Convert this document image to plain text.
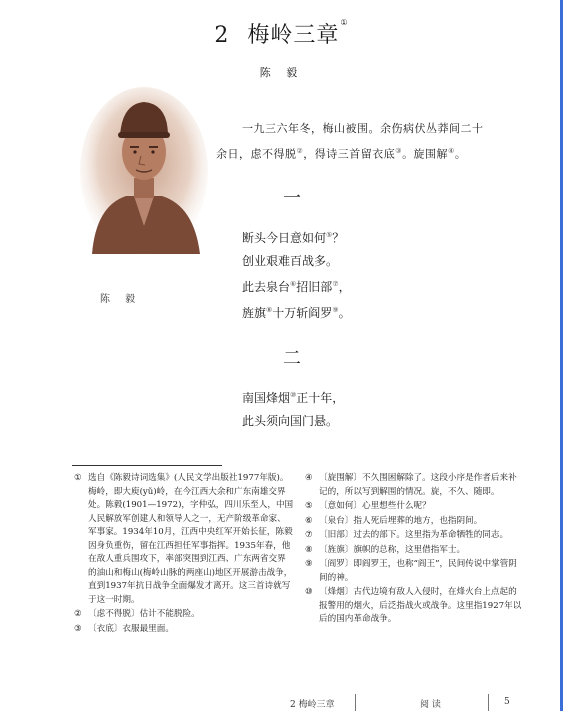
2 梅岭三章①
陈 毅
陈 毅
一九三六年冬，梅山被围。余伤病伏丛莽间二十
余日，虑不得脱②，得诗三首留衣底③。旋围解④。
一
断头今日意如何⑤？
创业艰难百战多。
此去泉台⑥招旧部⑦，
旌旗⑧十万斩阎罗⑨。
二
南国烽烟⑩正十年，
此头须向国门悬。
① 选自《陈毅诗词选集》(人民文学出版社1977年版)。梅岭，即大庾(yǔ)岭，在今江西大余和广东南雄交界处。陈毅(1901—1972)，字仲弘，四川乐至人，中国人民解放军创建人和领导人之一，无产阶级革命家、军事家。1934年10月，江西中央红军开始长征，陈毅因身负重伤，留在江西担任军事指挥。1935年春，他在敌人重兵围攻下，率部突围到江西、广东两省交界的油山和梅山(梅岭山脉的两座山)地区开展游击战争，直到1937年抗日战争全面爆发才离开。这三首诗就写于这一时期。
② 〔虑不得脱〕估计不能脱险。
③ 〔衣底〕衣服最里面。
④ 〔旋围解〕不久围困解除了。这段小序是作者后来补记的，所以写到解围的情况。旋，不久、随即。
⑤ 〔意如何〕心里想些什么呢？
⑥ 〔泉台〕指人死后埋葬的地方，也指阴间。
⑦ 〔旧部〕过去的部下。这里指为革命牺牲的同志。
⑧ 〔旌旗〕旗帜的总称，这里借指军士。
⑨ 〔阎罗〕即阎罗王，也称“阎王”，民间传说中掌管阴间的神。
⑩ 〔烽烟〕古代边境有敌人入侵时，在烽火台上点起的报警用的烟火，后泛指战火或战争。这里指1927年以后的国内革命战争。
2 梅岭三章	阅 读	5
